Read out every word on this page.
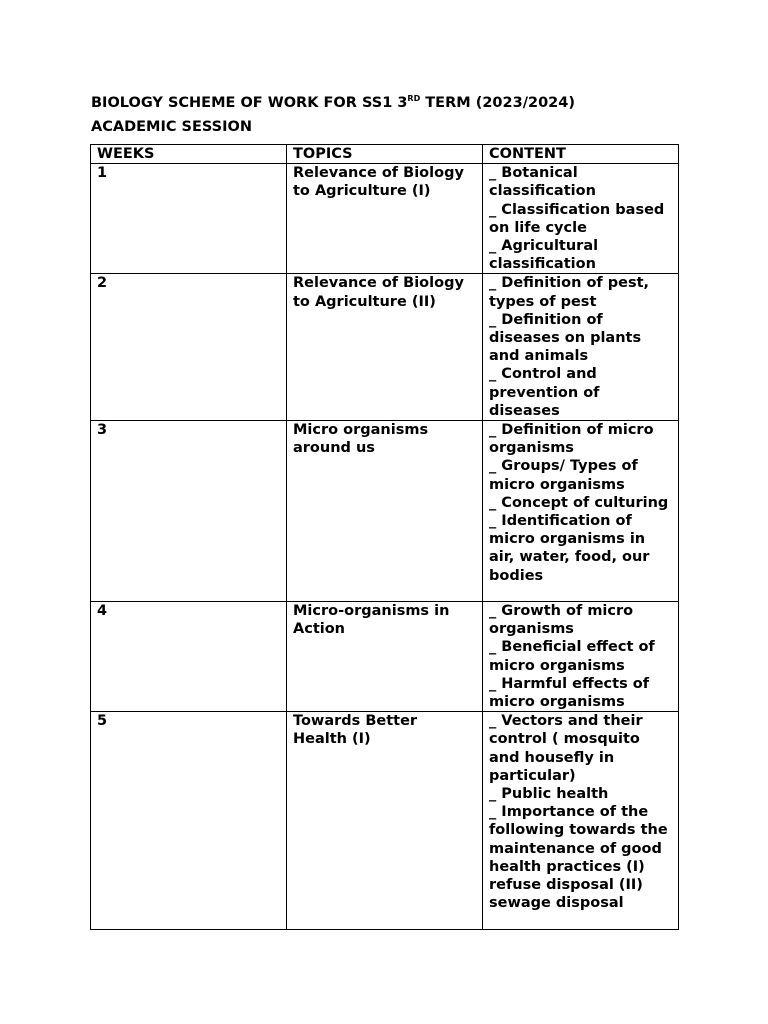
BIOLOGY SCHEME OF WORK FOR SS1 3RD TERM (2023/2024)
ACADEMIC SESSION
WEEKS	TOPICS	CONTENT
1	Relevance of Biology to Agriculture (I)	_ Botanical classification
_ Classification based on life cycle
_ Agricultural classification

2	Relevance of Biology to Agriculture (II)	_ Definition of pest, types of pest
_ Definition of diseases on plants and animals
_ Control and prevention of diseases

3	Micro organisms around us	_ Definition of micro organisms
_ Groups/ Types of micro organisms
_ Concept of culturing
_ Identification of micro organisms in air, water, food, our bodies

4	Micro-organisms in Action	_ Growth of micro organisms
_ Beneficial effect of micro organisms
_ Harmful effects of micro organisms

5	Towards Better Health (I)	_ Vectors and their control ( mosquito and housefly in particular)
_ Public health
_ Importance of the following towards the maintenance of good health practices (I) refuse disposal (II) sewage disposal
